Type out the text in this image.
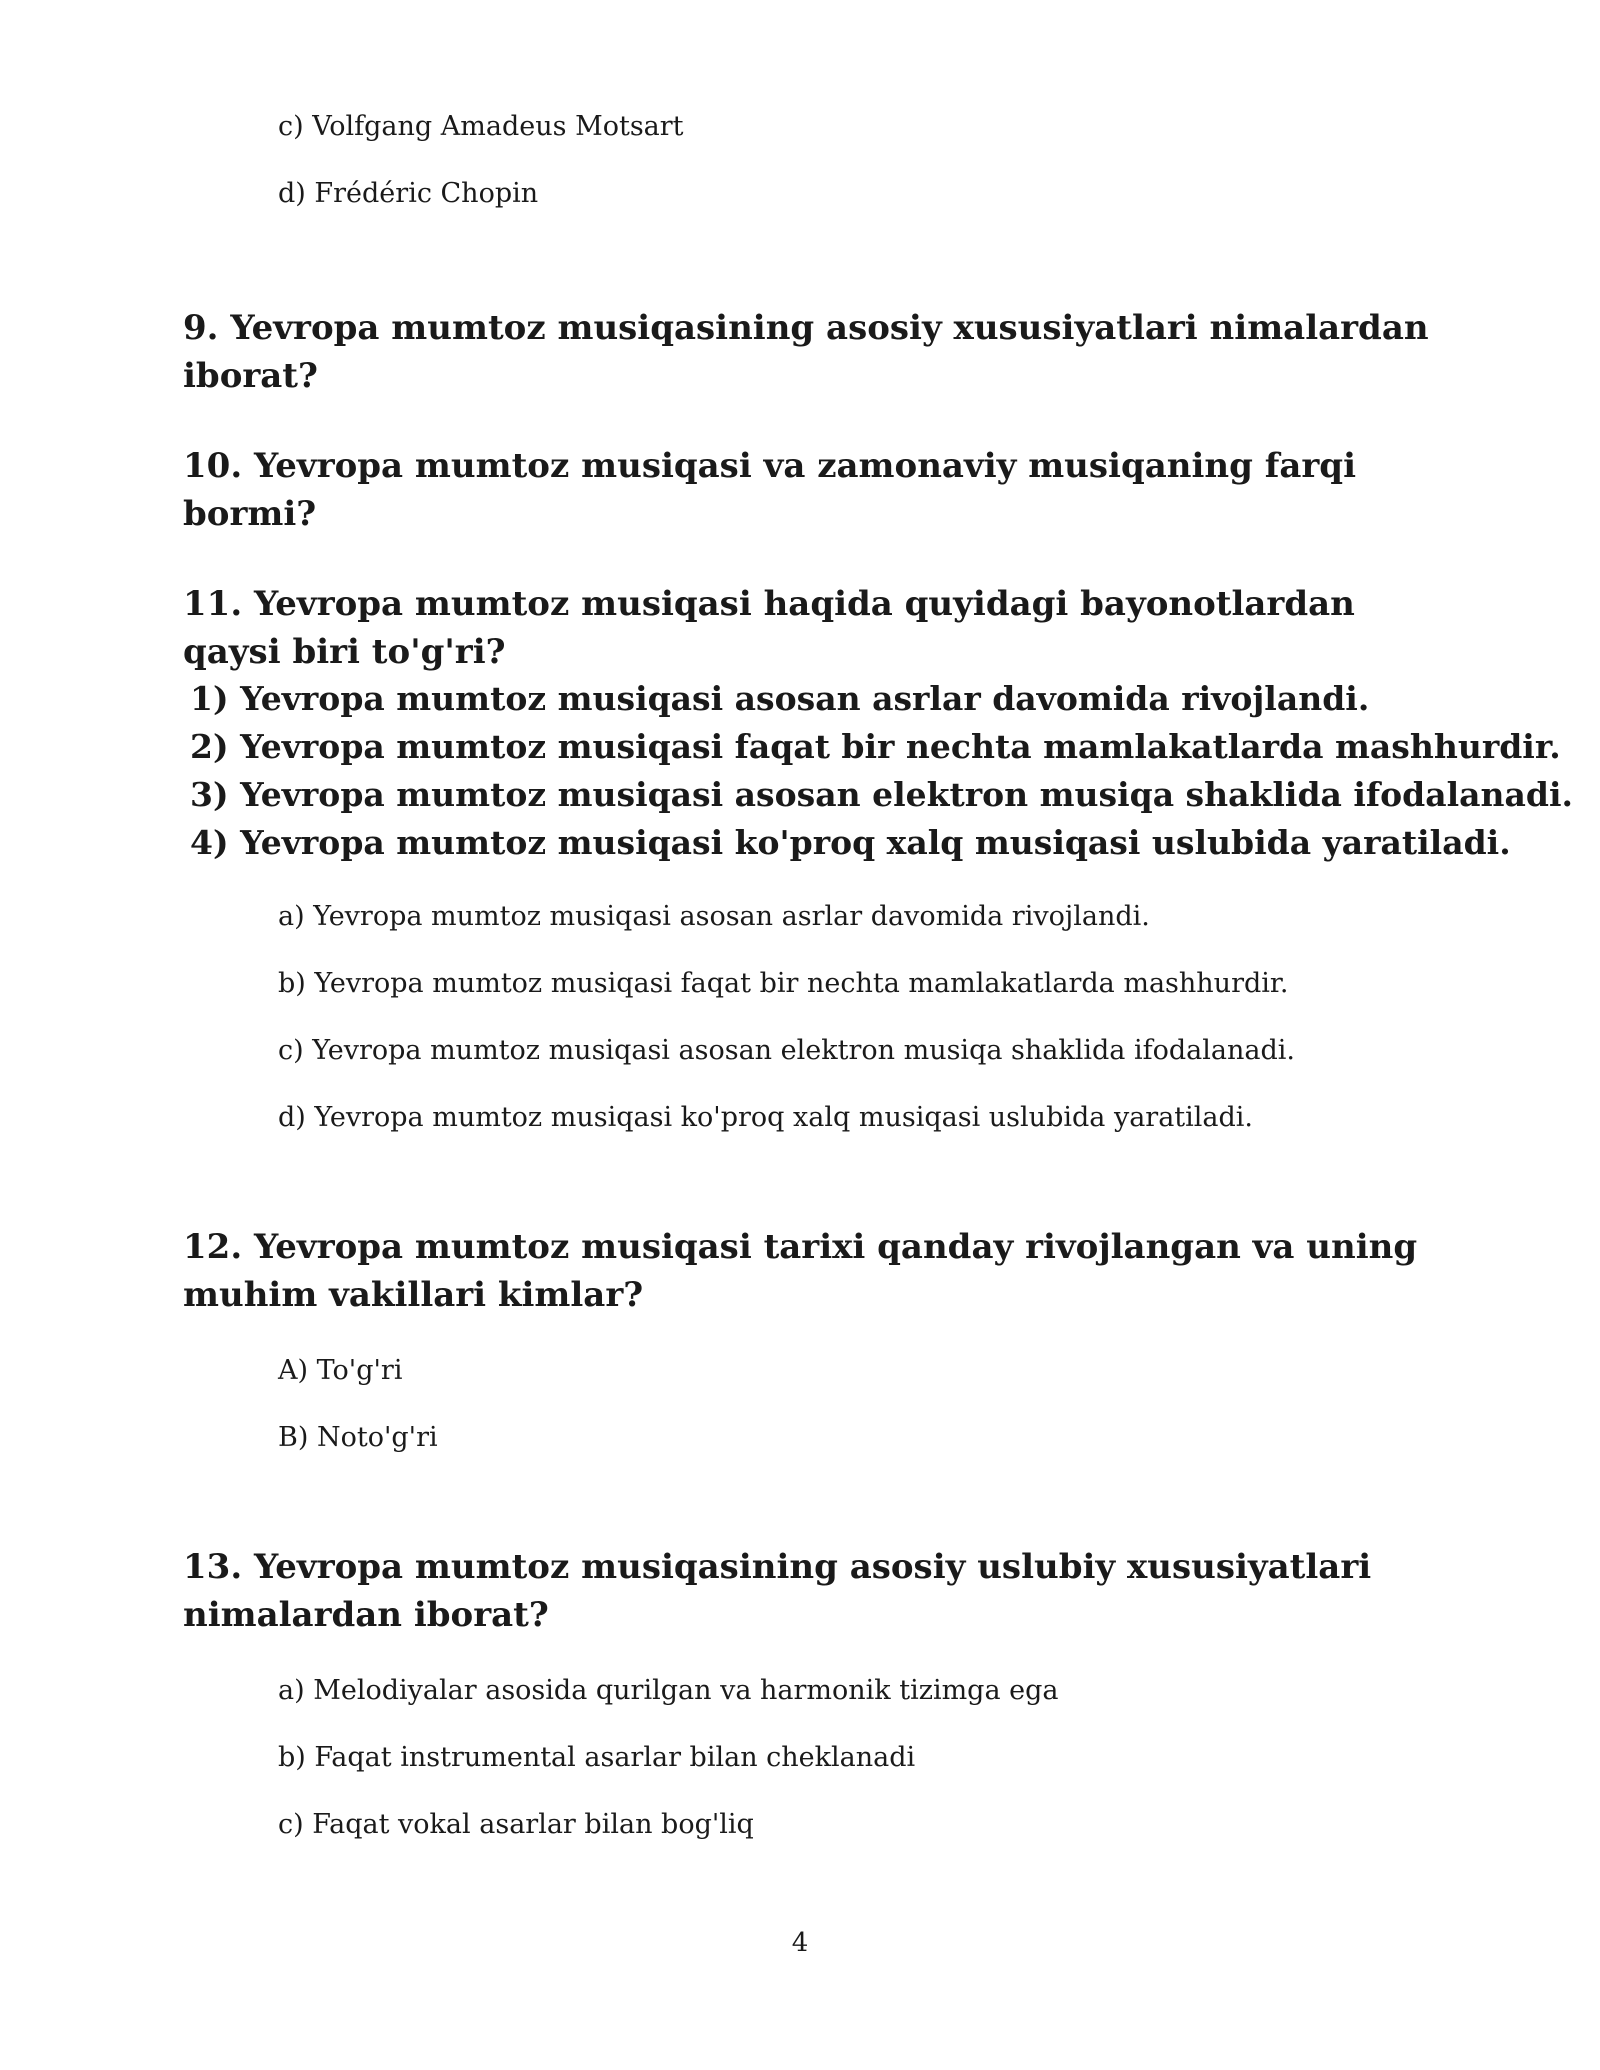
c) Volfgang Amadeus Motsart
d) Frédéric Chopin

9. Yevropa mumtoz musiqasining asosiy xususiyatlari nimalardan iborat?

10. Yevropa mumtoz musiqasi va zamonaviy musiqaning farqi bormi?

11. Yevropa mumtoz musiqasi haqida quyidagi bayonotlardan qaysi biri to'g'ri?

1) Yevropa mumtoz musiqasi asosan asrlar davomida rivojlandi.
2) Yevropa mumtoz musiqasi faqat bir nechta mamlakatlarda mashhurdir.
3) Yevropa mumtoz musiqasi asosan elektron musiqa shaklida ifodalanadi.
4) Yevropa mumtoz musiqasi ko'proq xalq musiqasi uslubida yaratiladi.
a) Yevropa mumtoz musiqasi asosan asrlar davomida rivojlandi.
b) Yevropa mumtoz musiqasi faqat bir nechta mamlakatlarda mashhurdir.
c) Yevropa mumtoz musiqasi asosan elektron musiqa shaklida ifodalanadi.
d) Yevropa mumtoz musiqasi ko'proq xalq musiqasi uslubida yaratiladi.

12. Yevropa mumtoz musiqasi tarixi qanday rivojlangan va uning muhim vakillari kimlar?

A) To'g'ri
B) Noto'g'ri

13. Yevropa mumtoz musiqasining asosiy uslubiy xususiyatlari nimalardan iborat?

a) Melodiyalar asosida qurilgan va harmonik tizimga ega
b) Faqat instrumental asarlar bilan cheklanadi
c) Faqat vokal asarlar bilan bog'liq
4
